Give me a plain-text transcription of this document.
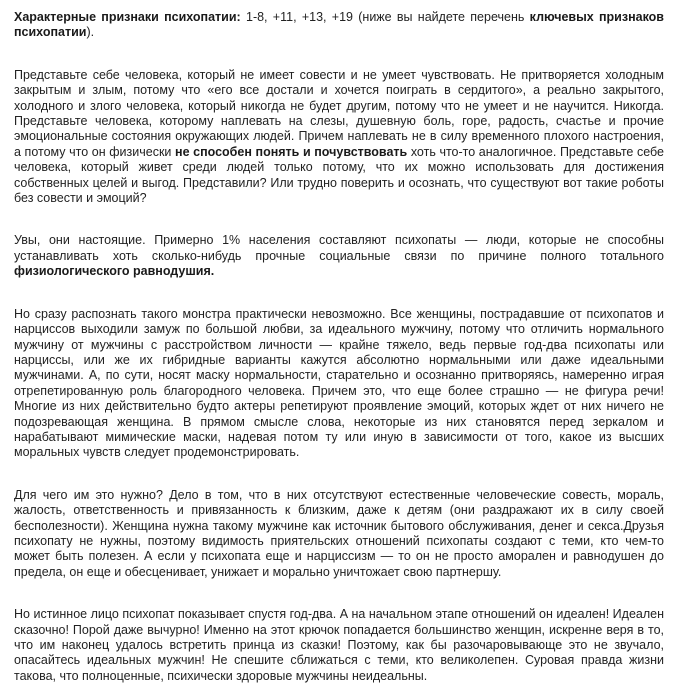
Характерные признаки психопатии: 1-8, +11, +13, +19 (ниже вы найдете перечень ключевых признаков психопатии).

Представьте себе человека, который не имеет совести и не умеет чувствовать. Не притворяется холодным закрытым и злым, потому что «его все достали и хочется поиграть в сердитого», а реально закрытого, холодного и злого человека, который никогда не будет другим, потому что не умеет и не научится. Никогда. Представьте человека, которому наплевать на слезы, душевную боль, горе, радость, счастье и прочие эмоциональные состояния окружающих людей. Причем наплевать не в силу временного плохого настроения, а потому что он физически не способен понять и почувствовать хоть что-то аналогичное. Представьте себе человека, который живет среди людей только потому, что их можно использовать для достижения собственных целей и выгод. Представили? Или трудно поверить и осознать, что существуют вот такие роботы без совести и эмоций?

Увы, они настоящие. Примерно 1% населения составляют психопаты — люди, которые не способны устанавливать хоть сколько-нибудь прочные социальные связи по причине полного тотального физиологического равнодушия.

Но сразу распознать такого монстра практически невозможно. Все женщины, пострадавшие от психопатов и нарциссов выходили замуж по большой любви, за идеального мужчину, потому что отличить нормального мужчину от мужчины с расстройством личности — крайне тяжело, ведь первые год-два психопаты или нарциссы, или же их гибридные варианты кажутся абсолютно нормальными или даже идеальными мужчинами. А, по сути, носят маску нормальности, старательно и осознанно притворяясь, намеренно играя отрепетированную роль благородного человека. Причем это, что еще более страшно — не фигура речи! Многие из них действительно будто актеры репетируют проявление эмоций, которых ждет от них ничего не подозревающая женщина. В прямом смысле слова, некоторые из них становятся перед зеркалом и нарабатывают мимические маски, надевая потом ту или иную в зависимости от того, какое из высших моральных чувств следует продемонстрировать.

Для чего им это нужно? Дело в том, что в них отсутствуют естественные человеческие совесть, мораль, жалость, ответственность и привязанность к близким, даже к детям (они раздражают их в силу своей бесполезности). Женщина нужна такому мужчине как источник бытового обслуживания, денег и секса.Друзья психопату не нужны, поэтому видимость приятельских отношений психопаты создают с теми, кто чем-то может быть полезен. А если у психопата еще и нарциссизм — то он не просто аморален и равнодушен до предела, он еще и обесценивает, унижает и морально уничтожает свою партнершу.

Но истинное лицо психопат показывает спустя год-два. А на начальном этапе отношений он идеален! Идеален сказочно! Порой даже вычурно! Именно на этот крючок попадается большинство женщин, искренне веря в то, что им наконец удалось встретить принца из сказки! Поэтому, как бы разочаровывающе это не звучало, опасайтесь идеальных мужчин! Не спешите сближаться с теми, кто великолепен. Суровая правда жизни такова, что полноценные, психически здоровые мужчины неидеальны.
